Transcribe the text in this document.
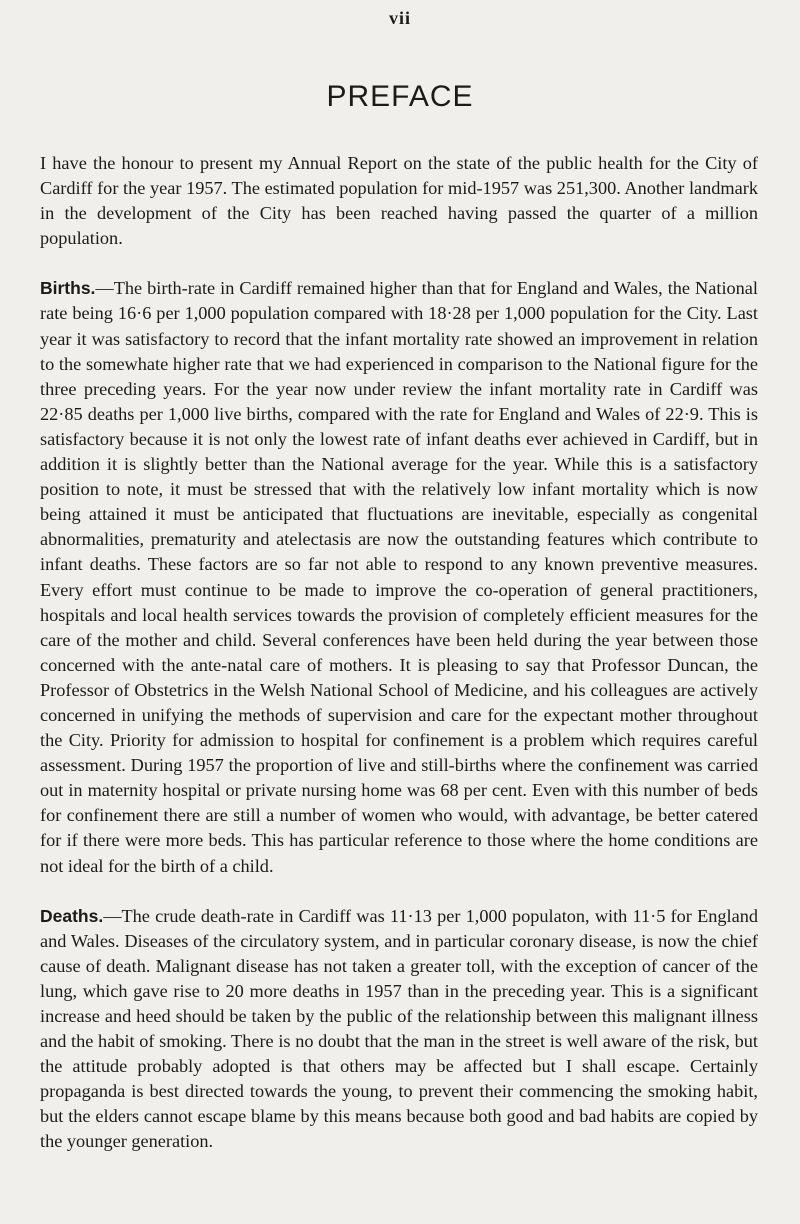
vii
PREFACE

I have the honour to present my Annual Report on the state of the public health for the City of Cardiff for the year 1957. The estimated population for mid-1957 was 251,300. Another landmark in the development of the City has been reached having passed the quarter of a million population.

Births.—The birth-rate in Cardiff remained higher than that for England and Wales, the National rate being 16·6 per 1,000 population compared with 18·28 per 1,000 population for the City. Last year it was satisfactory to record that the infant mortality rate showed an improvement in relation to the somewhate higher rate that we had experienced in comparison to the National figure for the three preceding years. For the year now under review the infant mortality rate in Cardiff was 22·85 deaths per 1,000 live births, compared with the rate for England and Wales of 22·9. This is satisfactory because it is not only the lowest rate of infant deaths ever achieved in Cardiff, but in addition it is slightly better than the National average for the year. While this is a satisfactory position to note, it must be stressed that with the relatively low infant mortality which is now being attained it must be anticipated that fluctuations are inevitable, especially as congenital abnormalities, prematurity and atelectasis are now the outstanding features which contribute to infant deaths. These factors are so far not able to respond to any known preventive measures. Every effort must continue to be made to improve the co-operation of general practitioners, hospitals and local health services towards the provision of completely efficient measures for the care of the mother and child. Several conferences have been held during the year between those concerned with the ante-natal care of mothers. It is pleasing to say that Professor Duncan, the Professor of Obstetrics in the Welsh National School of Medicine, and his colleagues are actively concerned in unifying the methods of supervision and care for the expectant mother throughout the City. Priority for admission to hospital for confinement is a problem which requires careful assessment. During 1957 the proportion of live and still-births where the confinement was carried out in maternity hospital or private nursing home was 68 per cent. Even with this number of beds for confinement there are still a number of women who would, with advantage, be better catered for if there were more beds. This has particular reference to those where the home conditions are not ideal for the birth of a child.

Deaths.—The crude death-rate in Cardiff was 11·13 per 1,000 populaton, with 11·5 for England and Wales. Diseases of the circulatory system, and in particular coronary disease, is now the chief cause of death. Malignant disease has not taken a greater toll, with the exception of cancer of the lung, which gave rise to 20 more deaths in 1957 than in the preceding year. This is a significant increase and heed should be taken by the public of the relationship between this malignant illness and the habit of smoking. There is no doubt that the man in the street is well aware of the risk, but the attitude probably adopted is that others may be affected but I shall escape. Certainly propaganda is best directed towards the young, to prevent their commencing the smoking habit, but the elders cannot escape blame by this means because both good and bad habits are copied by the younger generation.
